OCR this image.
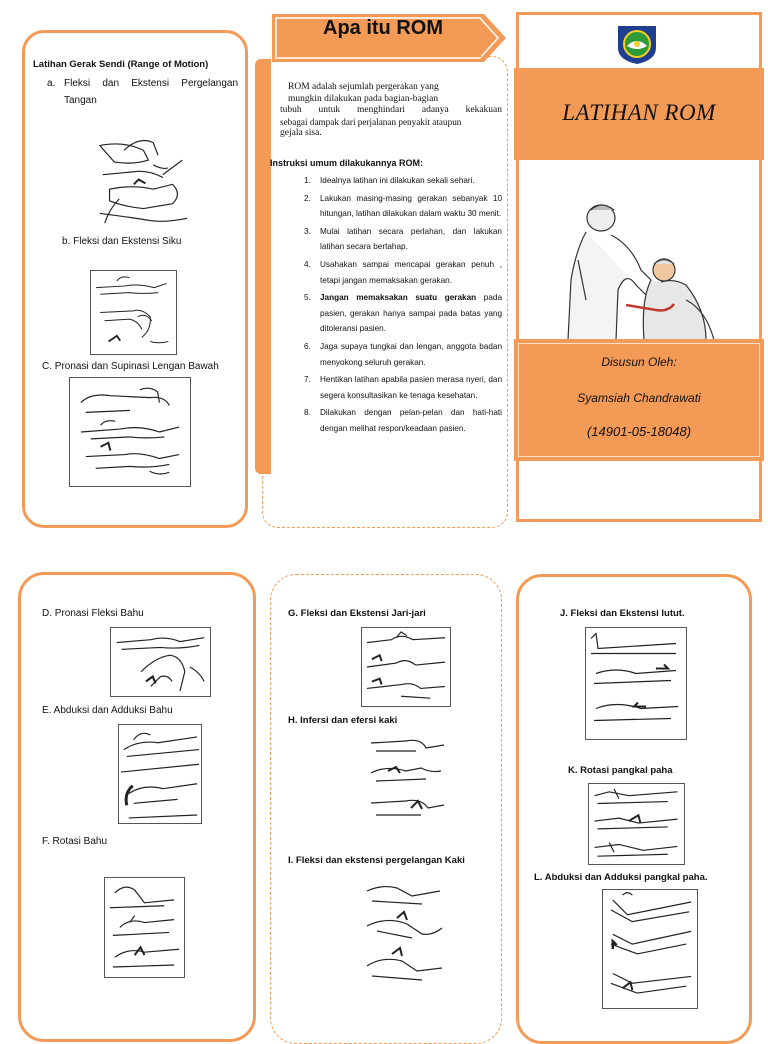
Latihan Gerak Sendi (Range of Motion)
a. Fleksi dan Ekstensi Pergelangan
Tangan
b. Fleksi dan Ekstensi Siku
C. Pronasi dan Supinasi Lengan Bawah
Apa itu ROM
ROM adalah sejumlah pergerakan yang
mungkin dilakukan pada bagian-bagian
tubuh untuk menghindari adanya kekakuan
sebagai dampak dari perjalanan penyakit ataupun
gejala sisa.
Instruksi umum dilakukannya ROM:
1. Idealnya latihan ini dilakukan sekali sehari.
2. Lakukan masing-masing gerakan sebanyak 10 hitungan, latihan dilakukan dalam waktu 30 menit.
3. Mulai latihan secara perlahan, dan lakukan latihan secara bertahap.
4. Usahakan sampai mencapai gerakan penuh , tetapi jangan memaksakan gerakan.
5. Jangan memaksakan suatu gerakan pada pasien, gerakan hanya sampai pada batas yang ditoleransi pasien.
6. Jaga supaya tungkai dan lengan, anggota badan menyokong seluruh gerakan.
7. Hentikan latihan apabila pasien merasa nyeri, dan segera konsultasikan ke tenaga kesehatan.
8. Dilakukan dengan pelan-pelan dan hati-hati dengan melihat respon/keadaan pasien.
LATIHAN ROM
Disusun Oleh:
Syamsiah Chandrawati
(14901-05-18048)
D. Pronasi Fleksi Bahu
E. Abduksi dan Adduksi Bahu
F. Rotasi Bahu
G. Fleksi dan Ekstensi Jari-jari
H. Infersi dan efersi kaki
I. Fleksi dan ekstensi pergelangan Kaki
J. Fleksi dan Ekstensi lutut.
K. Rotasi pangkal paha
L. Abduksi dan Adduksi pangkal paha.
